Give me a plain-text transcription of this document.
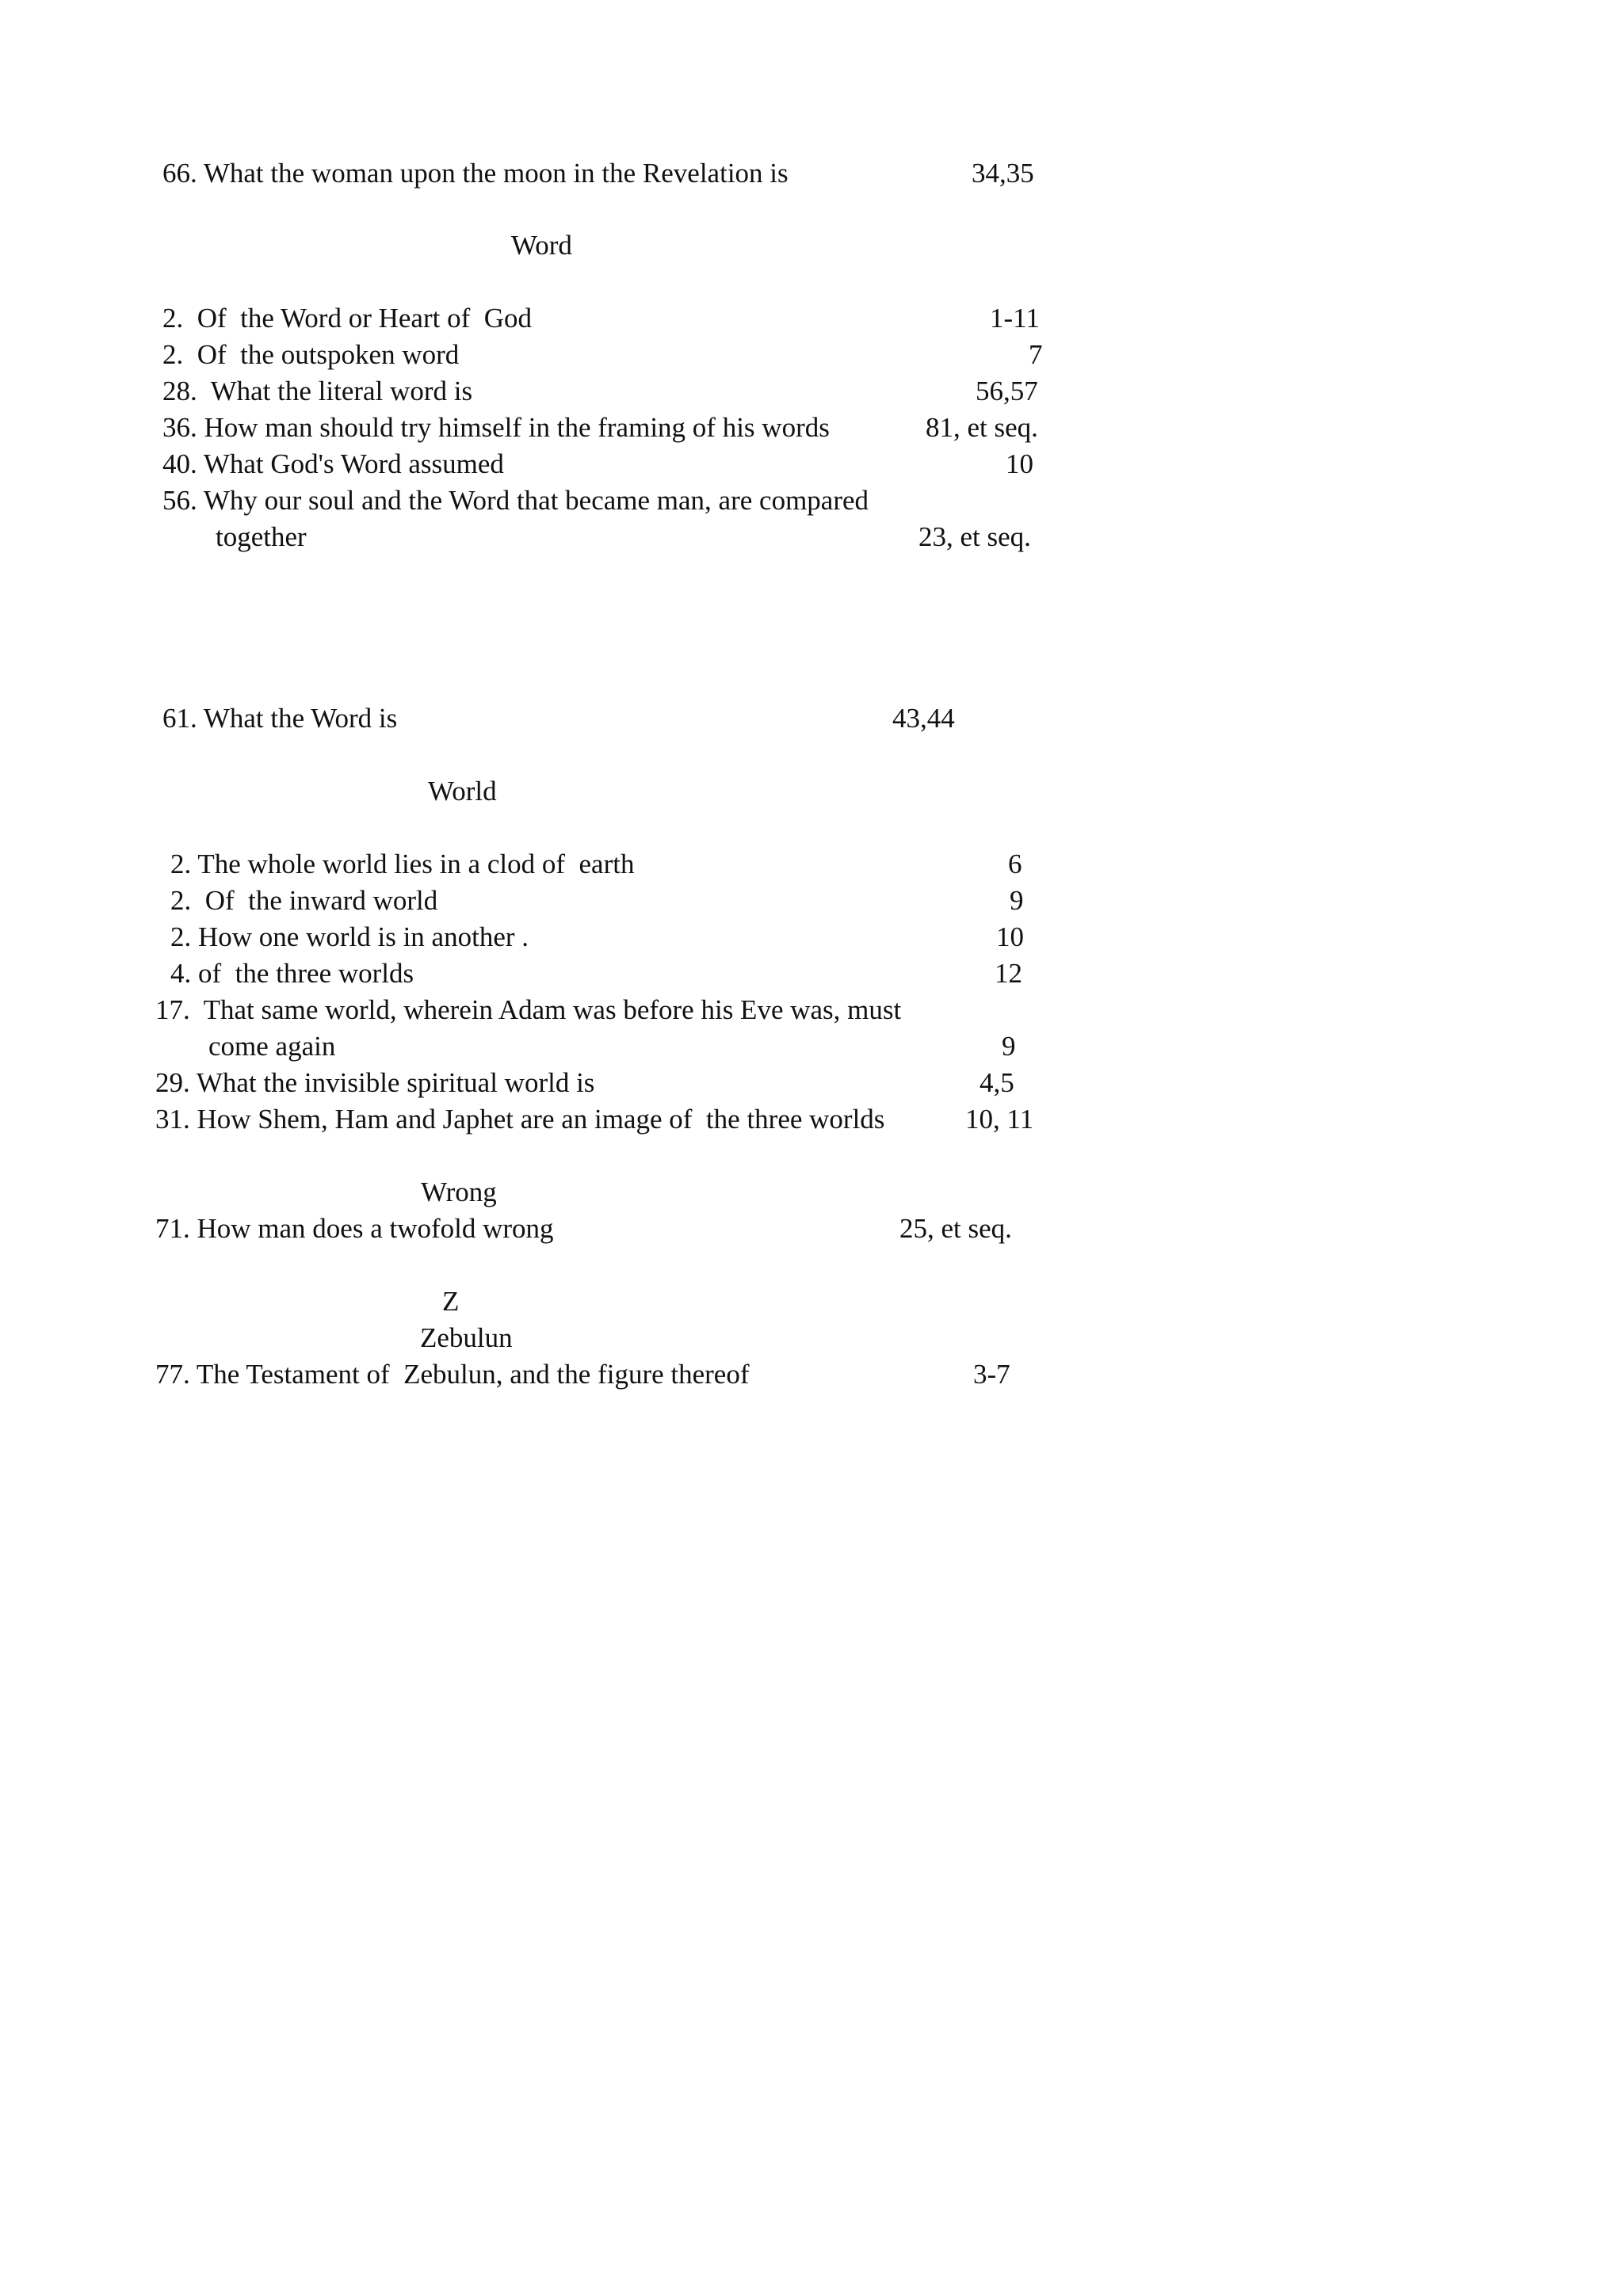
66. What the woman upon the moon in the Revelation is	34,35
Word
2.  Of  the Word or Heart of  God	1-11
2.  Of  the outspoken word	7
28.  What the literal word is	56,57
36. How man should try himself in the framing of his words	81, et seq.
40. What God's Word assumed	10
56. Why our soul and the Word that became man, are compared
together	23, et seq.
61. What the Word is	43,44
World
2. The whole world lies in a clod of  earth	6
2.  Of  the inward world	9
2. How one world is in another .	10
4. of  the three worlds	12
17.  That same world, wherein Adam was before his Eve was, must
come again	9
29. What the invisible spiritual world is	4,5
31. How Shem, Ham and Japhet are an image of  the three worlds	10, 11
Wrong
71. How man does a twofold wrong	25, et seq.
Z
Zebulun
77. The Testament of  Zebulun, and the figure thereof	3-7
